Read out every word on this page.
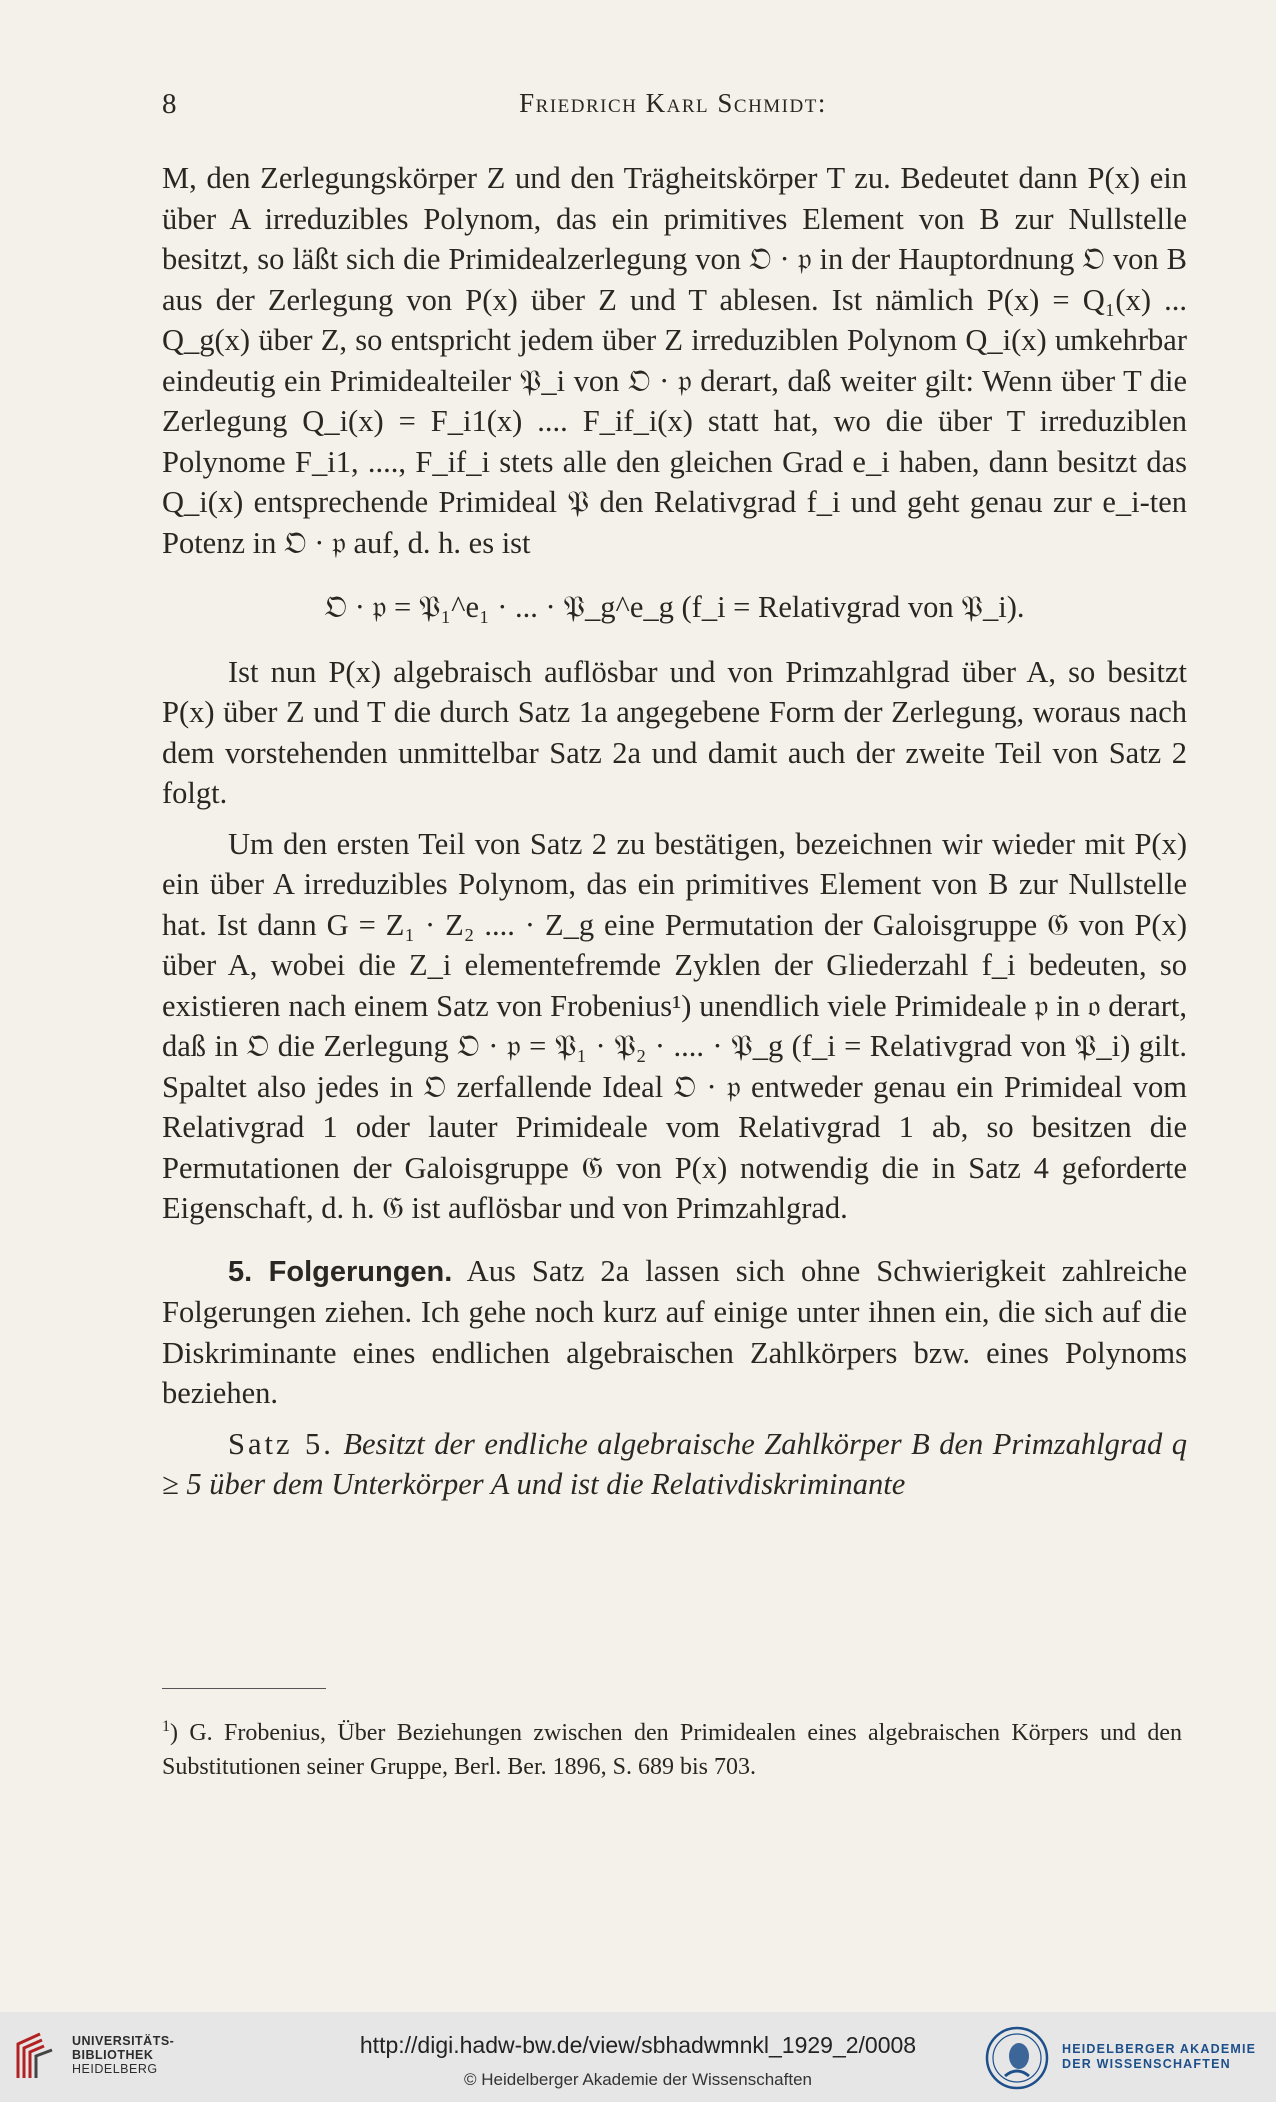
8	Friedrich Karl Schmidt:

M, den Zerlegungskörper Z und den Trägheitskörper T zu. Bedeutet dann P(x) ein über A irreduzibles Polynom, das ein primitives Element von B zur Nullstelle besitzt, so läßt sich die Primidealzerlegung von 𝔒 · 𝔭 in der Hauptordnung 𝔒 von B aus der Zerlegung von P(x) über Z und T ablesen. Ist nämlich P(x) = Q₁(x) ... Q_g(x) über Z, so entspricht jedem über Z irreduziblen Polynom Q_i(x) umkehrbar eindeutig ein Primidealteiler 𝔓_i von 𝔒 · 𝔭 derart, daß weiter gilt: Wenn über T die Zerlegung Q_i(x) = F_i1(x) .... F_if_i(x) statt hat, wo die über T irreduziblen Polynome F_i1, ...., F_if_i stets alle den gleichen Grad e_i haben, dann besitzt das Q_i(x) entsprechende Primideal 𝔓 den Relativgrad f_i und geht genau zur e_i-ten Potenz in 𝔒 · 𝔭 auf, d. h. es ist

𝔒 · 𝔭 = 𝔓₁^e₁ · ... · 𝔓_g^e_g (f_i = Relativgrad von 𝔓_i).

Ist nun P(x) algebraisch auflösbar und von Primzahlgrad über A, so besitzt P(x) über Z und T die durch Satz 1a angegebene Form der Zerlegung, woraus nach dem vorstehenden unmittelbar Satz 2a und damit auch der zweite Teil von Satz 2 folgt.

Um den ersten Teil von Satz 2 zu bestätigen, bezeichnen wir wieder mit P(x) ein über A irreduzibles Polynom, das ein primitives Element von B zur Nullstelle hat. Ist dann G = Z₁ · Z₂ .... · Z_g eine Permutation der Galoisgruppe 𝔊 von P(x) über A, wobei die Z_i elementefremde Zyklen der Gliederzahl f_i bedeuten, so existieren nach einem Satz von Frobenius¹) unendlich viele Primideale 𝔭 in 𝔬 derart, daß in 𝔒 die Zerlegung 𝔒 · 𝔭 = 𝔓₁ · 𝔓₂ · .... · 𝔓_g (f_i = Relativgrad von 𝔓_i) gilt. Spaltet also jedes in 𝔒 zerfallende Ideal 𝔒 · 𝔭 entweder genau ein Primideal vom Relativgrad 1 oder lauter Primideale vom Relativgrad 1 ab, so besitzen die Permutationen der Galoisgruppe 𝔊 von P(x) notwendig die in Satz 4 geforderte Eigenschaft, d. h. 𝔊 ist auflösbar und von Primzahlgrad.

5. Folgerungen. Aus Satz 2a lassen sich ohne Schwierigkeit zahlreiche Folgerungen ziehen. Ich gehe noch kurz auf einige unter ihnen ein, die sich auf die Diskriminante eines endlichen algebraischen Zahlkörpers bzw. eines Polynoms beziehen.

Satz 5. Besitzt der endliche algebraische Zahlkörper B den Primzahlgrad q ≥ 5 über dem Unterkörper A und ist die Relativdiskriminante

$^1$) G. Frobenius, Über Beziehungen zwischen den Primidealen eines algebraischen Körpers und den Substitutionen seiner Gruppe, Berl. Ber. 1896, S. 689 bis 703.
UNIVERSITÄTS-
BIBLIOTHEK
HEIDELBERG
http://digi.hadw-bw.de/view/sbhadwmnkl_1929_2/0008
© Heidelberger Akademie der Wissenschaften
HEIDELBERGER AKADEMIE
DER WISSENSCHAFTEN
